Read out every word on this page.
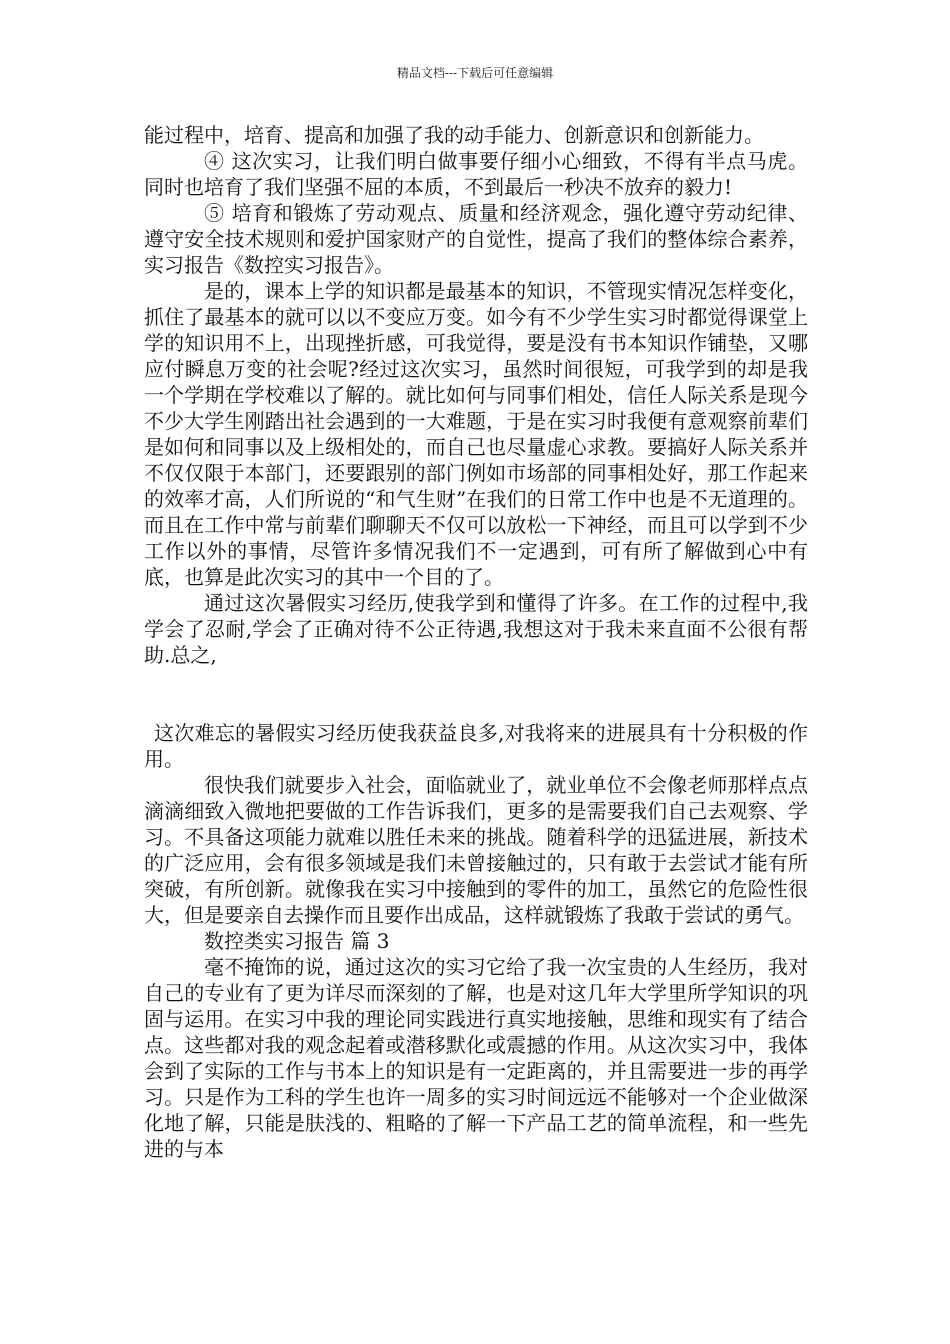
精品文档---下载后可任意编辑

能过程中，培育、提高和加强了我的动手能力、创新意识和创新能力。

④ 这次实习，让我们明白做事要仔细小心细致，不得有半点马虎。同时也培育了我们坚强不屈的本质，不到最后一秒决不放弃的毅力!

⑤ 培育和锻炼了劳动观点、质量和经济观念，强化遵守劳动纪律、遵守安全技术规则和爱护国家财产的自觉性，提高了我们的整体综合素养，实习报告《数控实习报告》。

是的，课本上学的知识都是最基本的知识，不管现实情况怎样变化，抓住了最基本的就可以以不变应万变。如今有不少学生实习时都觉得课堂上学的知识用不上，出现挫折感，可我觉得，要是没有书本知识作铺垫，又哪应付瞬息万变的社会呢?经过这次实习，虽然时间很短，可我学到的却是我一个学期在学校难以了解的。就比如何与同事们相处，信任人际关系是现今不少大学生刚踏出社会遇到的一大难题，于是在实习时我便有意观察前辈们是如何和同事以及上级相处的，而自己也尽量虚心求教。要搞好人际关系并不仅仅限于本部门，还要跟别的部门例如市场部的同事相处好，那工作起来的效率才高，人们所说的“和气生财”在我们的日常工作中也是不无道理的。而且在工作中常与前辈们聊聊天不仅可以放松一下神经，而且可以学到不少工作以外的事情，尽管许多情况我们不一定遇到，可有所了解做到心中有底，也算是此次实习的其中一个目的了。

通过这次暑假实习经历,使我学到和懂得了许多。在工作的过程中,我学会了忍耐,学会了正确对待不公正待遇,我想这对于我未来直面不公很有帮助.总之,

这次难忘的暑假实习经历使我获益良多,对我将来的进展具有十分积极的作用。

很快我们就要步入社会，面临就业了，就业单位不会像老师那样点点滴滴细致入微地把要做的工作告诉我们，更多的是需要我们自己去观察、学习。不具备这项能力就难以胜任未来的挑战。随着科学的迅猛进展，新技术的广泛应用，会有很多领域是我们未曾接触过的，只有敢于去尝试才能有所突破，有所创新。就像我在实习中接触到的零件的加工，虽然它的危险性很大，但是要亲自去操作而且要作出成品，这样就锻炼了我敢于尝试的勇气。

数控类实习报告 篇 3

毫不掩饰的说，通过这次的实习它给了我一次宝贵的人生经历，我对自己的专业有了更为详尽而深刻的了解，也是对这几年大学里所学知识的巩固与运用。在实习中我的理论同实践进行真实地接触，思维和现实有了结合点。这些都对我的观念起着或潜移默化或震撼的作用。从这次实习中，我体会到了实际的工作与书本上的知识是有一定距离的，并且需要进一步的再学习。只是作为工科的学生也许一周多的实习时间远远不能够对一个企业做深化地了解，只能是肤浅的、粗略的了解一下产品工艺的简单流程，和一些先进的与本
